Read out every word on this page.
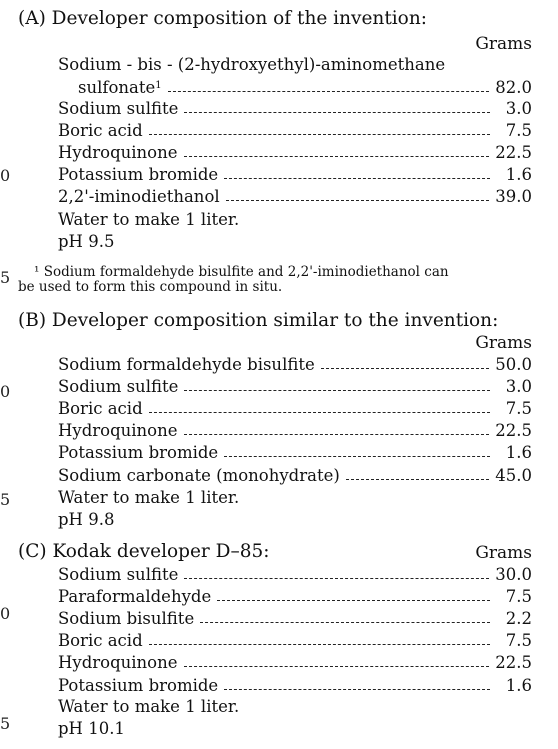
0
5
0
5
0
5
(A) Developer composition of the invention:
Grams
Sodium - bis - (2-hydroxyethyl)-aminomethane
sulfonate$^1$	82.0
Sodium sulfite	3.0
Boric acid	7.5
Hydroquinone	22.5
Potassium bromide	1.6
2,2'-iminodiethanol	39.0
Water to make 1 liter.
pH 9.5
¹ Sodium formaldehyde bisulfite and 2,2'-iminodiethanol can
be used to form this compound in situ.
(B) Developer composition similar to the invention:
Grams
Sodium formaldehyde bisulfite	50.0
Sodium sulfite	3.0
Boric acid	7.5
Hydroquinone	22.5
Potassium bromide	1.6
Sodium carbonate (monohydrate)	45.0
Water to make 1 liter.
pH 9.8
(C) Kodak developer D–85:	Grams
Sodium sulfite	30.0
Paraformaldehyde	7.5
Sodium bisulfite	2.2
Boric acid	7.5
Hydroquinone	22.5
Potassium bromide	1.6
Water to make 1 liter.
pH 10.1
